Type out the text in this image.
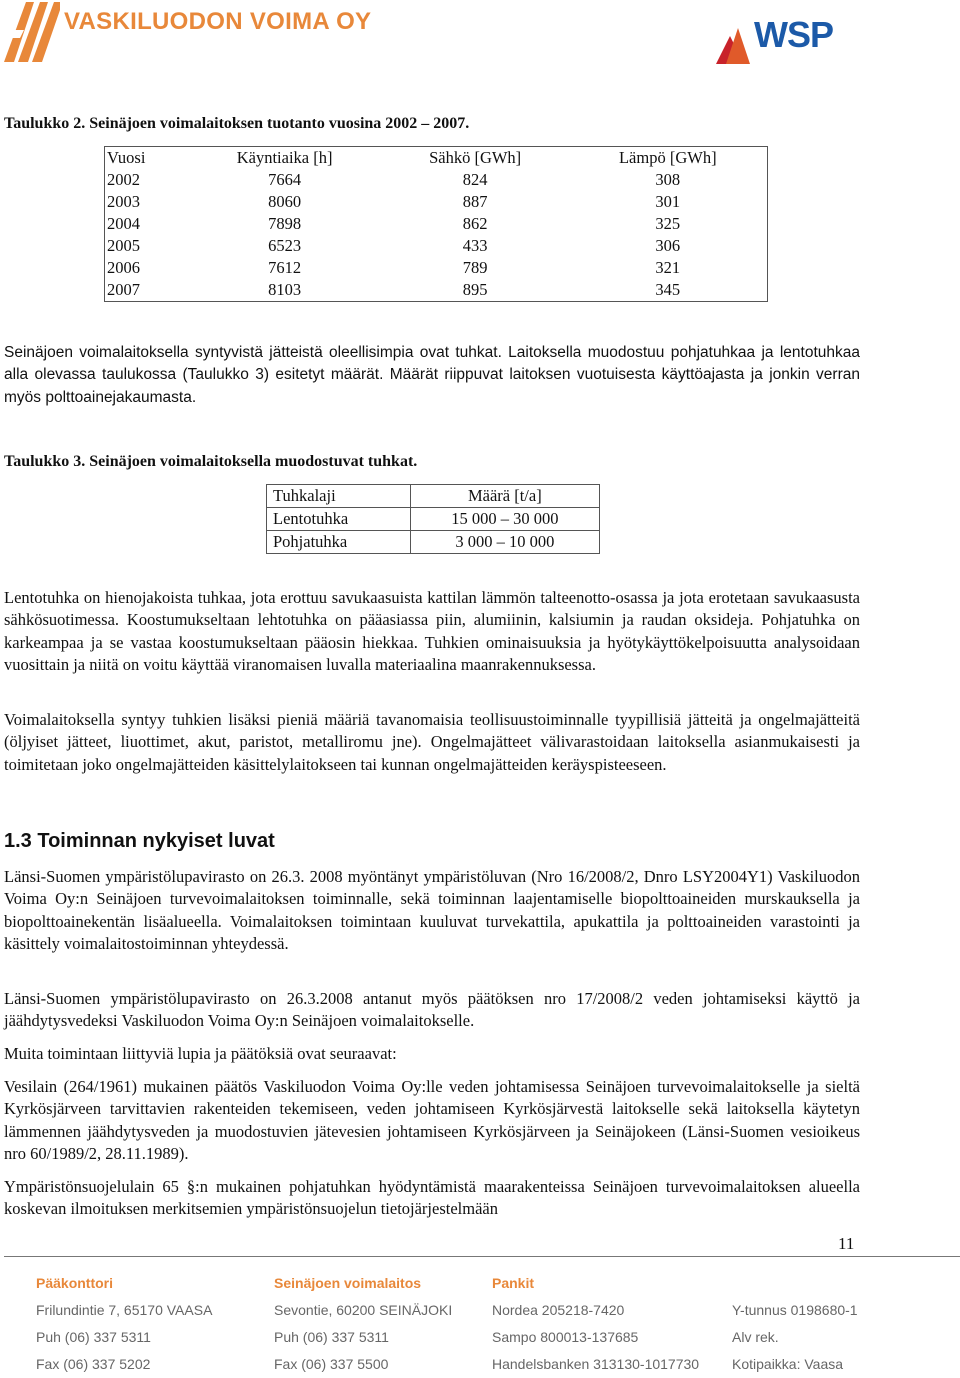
VASKILUODON VOIMA OY	WSP
Taulukko 2. Seinäjoen voimalaitoksen tuotanto vuosina 2002 – 2007.
Vuosi	Käyntiaika [h]	Sähkö [GWh]	Lämpö [GWh]
2002	7664	824	308
2003	8060	887	301
2004	7898	862	325
2005	6523	433	306
2006	7612	789	321
2007	8103	895	345
Seinäjoen voimalaitoksella syntyvistä jätteistä oleellisimpia ovat tuhkat. Laitoksella muodostuu pohjatuhkaa ja lentotuhkaa alla olevassa taulukossa (Taulukko 3) esitetyt määrät. Määrät riippuvat laitoksen vuotuisesta käyttöajasta ja jonkin verran myös polttoainejakaumasta.
Taulukko 3. Seinäjoen voimalaitoksella muodostuvat tuhkat.
Tuhkalaji	Määrä [t/a]
Lentotuhka	15 000 – 30 000
Pohjatuhka	3 000 – 10 000
Lentotuhka on hienojakoista tuhkaa, jota erottuu savukaasuista kattilan lämmön talteenotto-osassa ja jota erotetaan savukaasusta sähkösuotimessa. Koostumukseltaan lehtotuhka on pääasiassa piin, alumiinin, kalsiumin ja raudan oksideja. Pohjatuhka on karkeampaa ja se vastaa koostumukseltaan pääosin hiekkaa. Tuhkien ominaisuuksia ja hyötykäyttökelpoisuutta analysoidaan vuosittain ja niitä on voitu käyttää viranomaisen luvalla materiaalina maanrakennuksessa.
Voimalaitoksella syntyy tuhkien lisäksi pieniä määriä tavanomaisia teollisuustoiminnalle tyypillisiä jätteitä ja ongelmajätteitä (öljyiset jätteet, liuottimet, akut, paristot, metalliromu jne). Ongelmajätteet välivarastoidaan laitoksella asianmukaisesti ja toimitetaan joko ongelmajätteiden käsittelylaitokseen tai kunnan ongelmajätteiden keräyspisteeseen.
1.3 Toiminnan nykyiset luvat
Länsi-Suomen ympäristölupavirasto on 26.3. 2008 myöntänyt ympäristöluvan (Nro 16/2008/2, Dnro LSY2004Y1) Vaskiluodon Voima Oy:n Seinäjoen turvevoimalaitoksen toiminnalle, sekä toiminnan laajentamiselle biopolttoaineiden murskauksella ja biopolttoainekentän lisäalueella. Voimalaitoksen toimintaan kuuluvat turvekattila, apukattila ja polttoaineiden varastointi ja käsittely voimalaitostoiminnan yhteydessä.
Länsi-Suomen ympäristölupavirasto on 26.3.2008 antanut myös päätöksen nro 17/2008/2 veden johtamiseksi käyttö ja jäähdytysvedeksi Vaskiluodon Voima Oy:n Seinäjoen voimalaitokselle.
Muita toimintaan liittyviä lupia ja päätöksiä ovat seuraavat:
Vesilain (264/1961) mukainen päätös Vaskiluodon Voima Oy:lle veden johtamisessa Seinäjoen turvevoimalaitokselle ja sieltä Kyrkösjärveen tarvittavien rakenteiden tekemiseen, veden johtamiseen Kyrkösjärvestä laitokselle sekä laitoksella käytetyn lämmennen jäähdytysveden ja muodostuvien jätevesien johtamiseen Kyrkösjärveen ja Seinäjokeen (Länsi-Suomen vesioikeus nro 60/1989/2, 28.11.1989).
Ympäristönsuojelulain 65 §:n mukainen pohjatuhkan hyödyntämistä maarakenteissa Seinäjoen turvevoimalaitoksen alueella koskevan ilmoituksen merkitsemien ympäristönsuojelun tietojärjestelmään
11
Pääkonttori
Frilundintie 7, 65170 VAASA
Puh (06) 337 5311
Fax (06) 337 5202
Seinäjoen voimalaitos
Sevontie, 60200 SEINÄJOKI
Puh (06) 337 5311
Fax (06) 337 5500
Pankit
Nordea 205218-7420
Sampo 800013-137685
Handelsbanken 313130-1017730
Y-tunnus 0198680-1
Alv rek.
Kotipaikka: Vaasa
